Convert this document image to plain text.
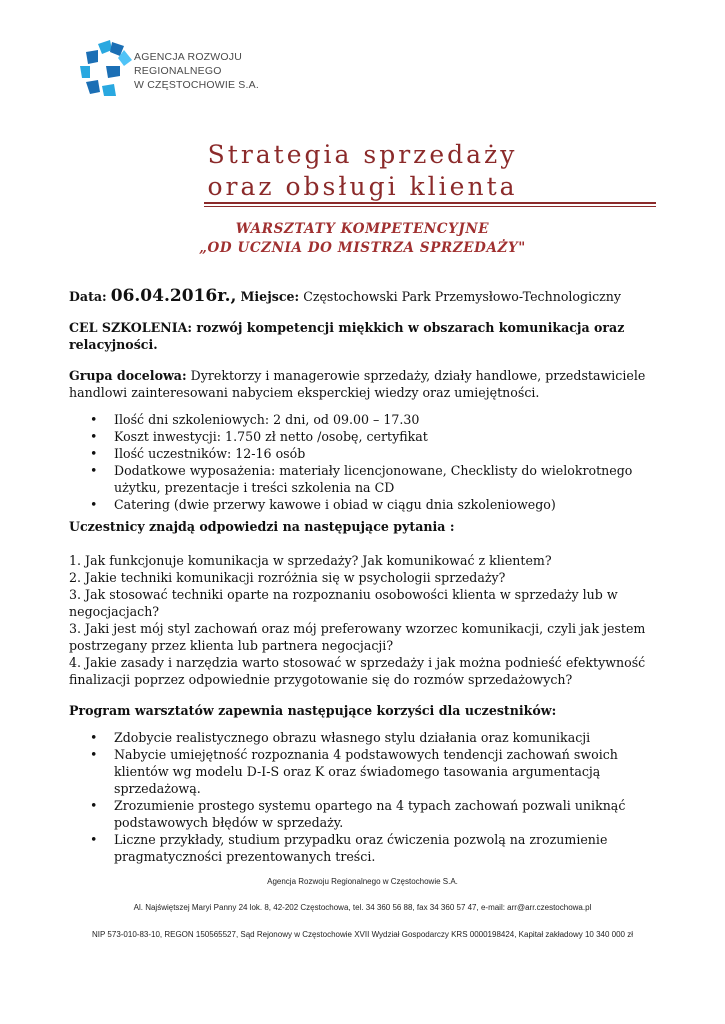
AGENCJA ROZWOJU
REGIONALNEGO
W CZĘSTOCHOWIE S.A.
Strategia sprzedaży
oraz obsługi klienta
WARSZTATY KOMPETENCYJNE
„OD UCZNIA DO MISTRZA SPRZEDAŻY"

Data: 06.04.2016r., Miejsce: Częstochowski Park Przemysłowo-Technologiczny

CEL SZKOLENIA: rozwój kompetencji miękkich w obszarach komunikacja oraz relacyjności.

Grupa docelowa: Dyrektorzy i managerowie sprzedaży, działy handlowe, przedstawiciele handlowi zainteresowani nabyciem eksperckiej wiedzy oraz umiejętności.

• Ilość dni szkoleniowych: 2 dni, od 09.00 – 17.30
• Koszt inwestycji: 1.750 zł netto /osobę, certyfikat
• Ilość uczestników: 12-16 osób
• Dodatkowe wyposażenia: materiały licencjonowane, Checklisty do wielokrotnego użytku, prezentacje i treści szkolenia na CD
• Catering (dwie przerwy kawowe i obiad w ciągu dnia szkoleniowego)

Uczestnicy znajdą odpowiedzi na następujące pytania :

1. Jak funkcjonuje komunikacja w sprzedaży? Jak komunikować z klientem?

2. Jakie techniki komunikacji rozróżnia się w psychologii sprzedaży?

3. Jak stosować techniki oparte na rozpoznaniu osobowości klienta w sprzedaży lub w negocjacjach?

3. Jaki jest mój styl zachowań oraz mój preferowany wzorzec komunikacji, czyli jak jestem postrzegany przez klienta lub partnera negocjacji?

4. Jakie zasady i narzędzia warto stosować w sprzedaży i jak można podnieść efektywność finalizacji poprzez odpowiednie przygotowanie się do rozmów sprzedażowych?

Program warsztatów zapewnia następujące korzyści dla uczestników:

• Zdobycie realistycznego obrazu własnego stylu działania oraz komunikacji
• Nabycie umiejętność rozpoznania 4 podstawowych tendencji zachowań swoich klientów wg modelu D-I-S oraz K oraz świadomego tasowania argumentacją sprzedażową.
• Zrozumienie prostego systemu opartego na 4 typach zachowań pozwali uniknąć podstawowych błędów w sprzedaży.
• Liczne przykłady, studium przypadku oraz ćwiczenia pozwolą na zrozumienie pragmatyczności prezentowanych treści.
Agencja Rozwoju Regionalnego w Częstochowie S.A.
Al. Najświętszej Maryi Panny 24 lok. 8, 42-202 Częstochowa, tel. 34 360 56 88, fax 34 360 57 47, e-mail: arr@arr.czestochowa.pl
NIP 573-010-83-10, REGON 150565527, Sąd Rejonowy w Częstochowie XVII Wydział Gospodarczy KRS 0000198424, Kapitał zakładowy 10 340 000 zł
